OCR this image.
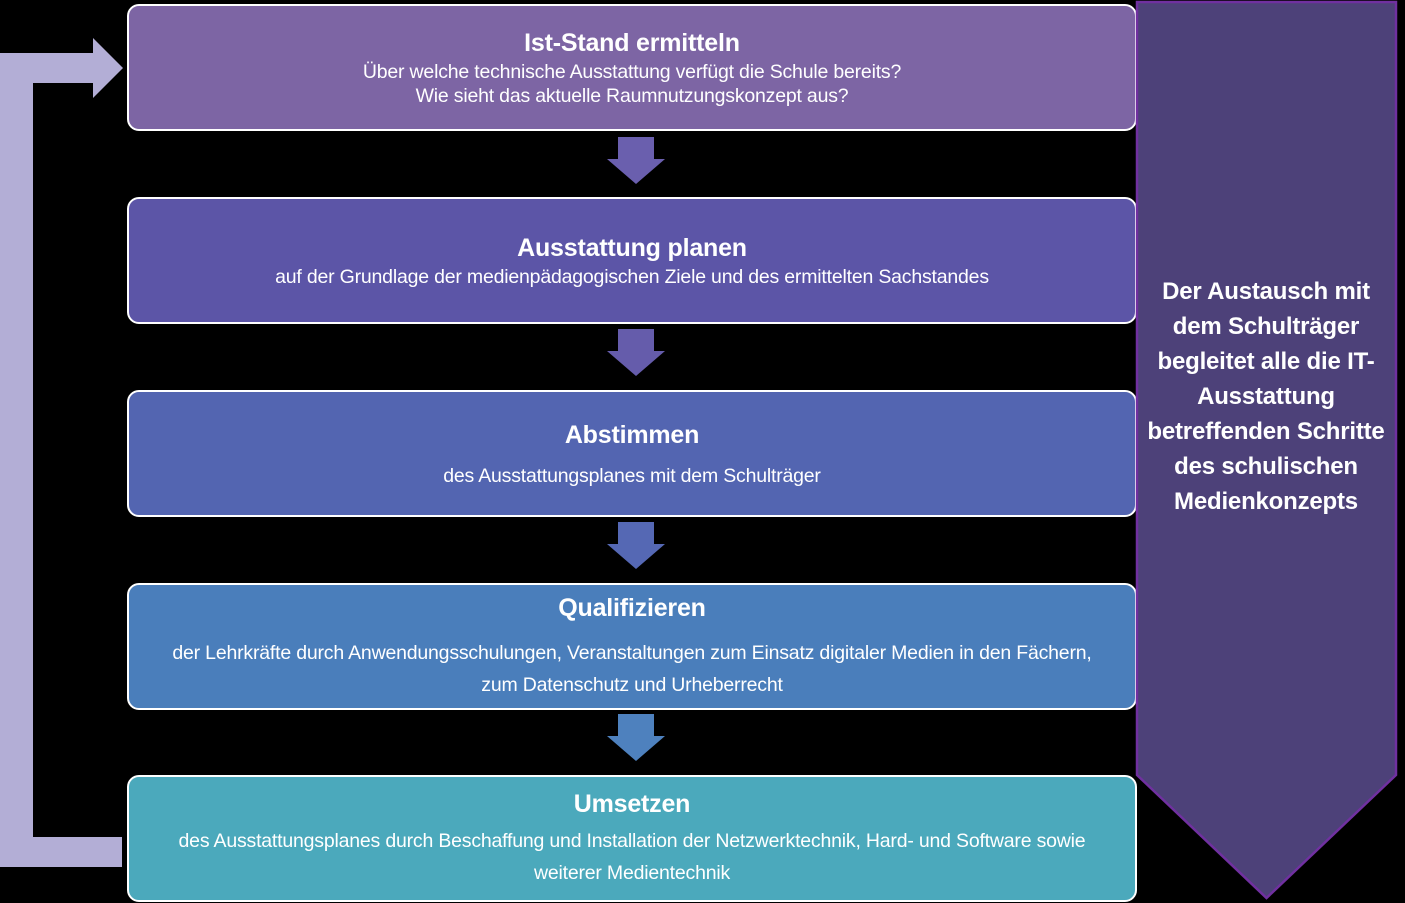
Ist-Stand ermitteln

Über welche technische Ausstattung verfügt die Schule bereits?

Wie sieht das aktuelle Raumnutzungskonzept aus?

Ausstattung planen

auf der Grundlage der medienpädagogischen Ziele und des ermittelten Sachstandes

Abstimmen

des Ausstattungsplanes mit dem Schulträger

Qualifizieren

der Lehrkräfte durch Anwendungsschulungen, Veranstaltungen zum Einsatz digitaler Medien in den Fächern, zum Datenschutz und Urheberrecht

Umsetzen

des Ausstattungsplanes durch Beschaffung und Installation der Netzwerktechnik, Hard- und Software sowie weiterer Medientechnik

Der Austausch mit dem Schulträger begleitet alle die IT-Ausstattung betreffenden Schritte des schulischen Medienkonzepts
